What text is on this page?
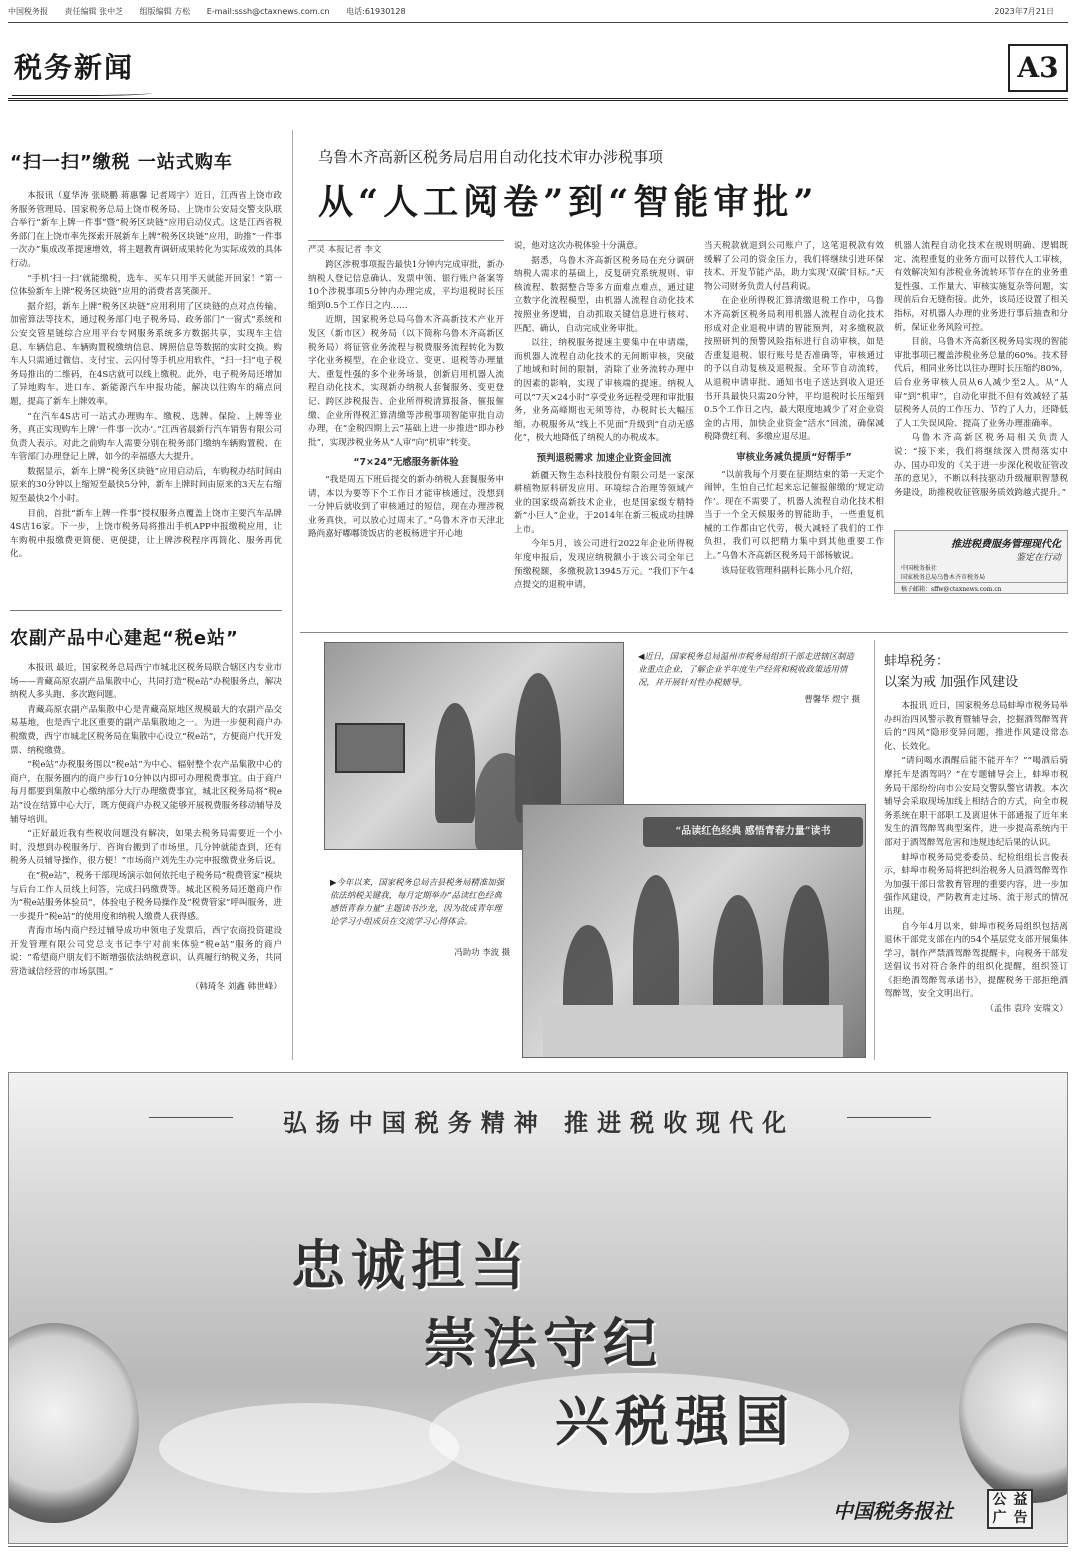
中国税务报 责任编辑 张中芝 组版编辑 方松 E-mail:sssh@ctaxnews.com.cn 电话:61930128	2023年7月21日
税务新闻	A3
“扫一扫”缴税 一站式购车

本报讯（夏华涛 张晓鹏 蒋惠馨 记者周宇）近日，江西省上饶市政务服务管理局、国家税务总局上饶市税务局、上饶市公安局交警支队联合举行“新车上牌一件事”暨“税务区块链”应用启动仪式。这是江西省税务部门在上饶市率先探索开展新车上牌“税务区块链”应用，助推“一件事一次办”集成改革提速增效，将主题教育调研成果转化为实际成效的具体行动。

“手机‘扫一扫’就能缴税，选车、买车只用半天就能开回家！”第一位体验新车上牌“税务区块链”应用的消费者喜笑颜开。

据介绍，新车上牌“税务区块链”应用利用了区块链的点对点传输、加密算法等技术，通过税务部门电子税务局、政务部门“一窗式”系统和公安交管星链综合应用平台专网服务系统多方数据共享，实现车主信息、车辆信息、车辆购置税缴纳信息、牌照信息等数据的实时交换。购车人只需通过微信、支付宝、云闪付等手机应用软件，“扫一扫”电子税务局推出的二维码，在4S店就可以线上缴税。此外，电子税务局还增加了异地购车、进口车、新能源汽车申报功能，解决以往购车的痛点问题，提高了新车上牌效率。

“在汽车4S店可一站式办理购车、缴税、选牌、保险、上牌等业务，真正实现购车上牌‘一件事一次办’。”江西省晨新行汽车销售有限公司负责人表示。对此之前购车人需要分别在税务部门缴纳车辆购置税、在车管部门办理登记上牌，如今的幸福感大大提升。

数据显示，新车上牌“税务区块链”应用启动后，车购税办结时间由原来的30分钟以上缩短至最快5分钟，新车上牌时间由原来的3天左右缩短至最快2个小时。

目前，首批“新车上牌一件事”授权服务点覆盖上饶市主要汽车品牌4S店16家。下一步，上饶市税务局将推出手机APP申报缴税应用，让车购税申报缴费更简便、更便捷，让上牌涉税程序再简化、服务再优化。

农副产品中心建起“税e站”

本报讯 最近，国家税务总局西宁市城北区税务局联合辖区内专业市场——青藏高原农副产品集散中心，共同打造“税e站”办税服务点，解决纳税人多头跑、多次跑问题。

青藏高原农副产品集散中心是青藏高原地区规模最大的农副产品交易基地，也是西宁北区重要的副产品集散地之一。为进一步便利商户办税缴费，西宁市城北区税务局在集散中心设立“税e站”，方便商户代开发票、纳税缴费。

“税e站”办税服务围以“税e站”为中心、辐射整个农产品集散中心的商户，在服务圈内的商户步行10分钟以内即可办理税费事宜。由于商户每月都要到集散中心缴纳部分大厅办理缴费事宜，城北区税务局将“税e站”设在结算中心大厅，既方便商户办税又能够开展税费服务移动辅导及辅导培训。

“正好最近我有些税收问题没有解决，如果去税务局需要近一个小时，没想到办税服务厅、咨询台搬到了市场里，几分钟就能查到，还有税务人员辅导操作，很方便！”市场商户刘先生办完申报缴费业务后说。

在“税e站”，税务干部现场演示如何依托电子税务局“税费管家”模块与后台工作人员线上问答，完成扫码缴费等。城北区税务局还邀商户作为“税e站服务体验员”，体验电子税务局操作及“税费管家”呼叫服务，进一步提升“税e站”的使用度和纳税人缴费人获得感。

青海市场内商户经过辅导成功申领电子发票后，西宁农商投资建设开发管理有限公司党总支书记李宁对前来体验“税e站”服务的商户说：“希望商户朋友们不断增强依法纳税意识，认真履行纳税义务，共同营造诚信经营的市场氛围。”

（韩琦冬 刘鑫 韩世峰）

乌鲁木齐高新区税务局启用自动化技术审办涉税事项
从“人工阅卷”到“智能审批”
严灵 本报记者 李文

跨区涉税事项报告最快1分钟内完成审批，新办纳税人登记信息确认、发票申领、银行账户备案等10个涉税事项5分钟内办理完成，平均退税时长压缩到0.5个工作日之内……

近期，国家税务总局乌鲁木齐高新技术产业开发区（新市区）税务局（以下简称乌鲁木齐高新区税务局）将征管业务流程与税费服务流程转化为数字化业务模型，在企业设立、变更、退税等办理量大、重复性强的多个业务场景，创新启用机器人流程自动化技术，实现新办纳税人套餐服务、变更登记、跨区涉税报告、企业所得税清算报备、催报催缴、企业所得税汇算清缴等涉税事项智能审批自动办理，在“金税四期上云”基础上进一步推进“即办秒批”，实现涉税业务从“人审”向“机审”转变。

“7×24”无感服务新体验

“我是周五下班后提交的新办纳税人套餐服务申请，本以为要等下个工作日才能审核通过，没想到一分钟后就收到了审核通过的短信，现在办理涉税业务真快，可以放心过周末了。”乌鲁木齐市天津北路尚嘉好嘟嘟烫饭店的老板杨进宇开心地

说，他对这次办税体验十分满意。

据悉，乌鲁木齐高新区税务局在充分调研纳税人需求的基础上，反复研究系统规则、审核流程、数据整合等多方面难点难点，通过建立数字化流程模型，由机器人流程自动化技术按照业务逻辑，自动抓取关键信息进行核对、匹配、确认，自动完成业务审批。

以往，纳税服务提速主要集中在申请端，而机器人流程自动化技术的无间断审核，突破了地域和时间的限制，消除了业务流转办理中的因素的影响，实现了审核端的提速。纳税人可以“7天×24小时”享受业务远程受理和审批服务，业务高峰期也无须等待，办税时长大幅压缩，办税服务从“线上不见面”升级到“自动无感化”，极大地降低了纳税人的办税成本。

预判退税需求 加速企业资金回流

新疆天物生态科技股份有限公司是一家深耕植物原料研发应用、环境综合治理等领域产业的国家级高新技术企业，也是国家级专精特新“小巨人”企业，于2014年在新三板成功挂牌上市。

今年5月，该公司进行2022年企业所得税年度申报后，发现应纳税额小于该公司全年已预缴税额，多缴税款13945万元。“我们下午4点提交的退税申请，

当天税款就退到公司账户了，这笔退税款有效缓解了公司的资金压力，我们将继续引进环保技术、开发节能产品，助力实现‘双碳’目标。”天物公司财务负责人付昌莉说。

在企业所得税汇算清缴退税工作中，乌鲁木齐高新区税务局利用机器人流程自动化技术形成对企业退税申请的智能预判，对多缴税款按照研判的预警风险指标进行自动审核，如是否重复退税、银行账号是否准确等，审核通过的予以自动复核及退税报。全环节自动流转，从退税申请审批、通知书电子送达到收入退还书开具最快只需20分钟，平均退税时长压缩到0.5个工作日之内，最大限度地减少了对企业资金的占用，加快企业资金“活水”回流，确保减税降费红利、多缴应退尽退。

审核业务减负提质“好帮手”

“以前我每个月要在征期结束的第一天定个闹钟，生怕自己忙起来忘记催报催缴的‘规定动作’。现在不需要了，机器人流程自动化技术相当于一个全天候服务的智能助手，一些重复机械的工作都由它代劳，极大减轻了我们的工作负担，我们可以把精力集中到其他重要工作上。”乌鲁木齐高新区税务局干部杨敏说。

该局征收管理科副科长陈小凡介绍，

机器人流程自动化技术在规则明确、逻辑既定、流程重复的业务方面可以替代人工审核，有效解决知有涉税业务流转环节存在的业务重复性强、工作量大、审核实施复杂等问题，实现前后台无缝衔接。此外，该局还设置了相关指标，对机器人办理的业务进行事后抽查和分析，保证业务风险可控。

目前，乌鲁木齐高新区税务局实现的智能审批事项已覆盖涉税业务总量的60%。技术替代后，相同业务比以往办理时长压缩约80%，后台业务审核人员从6人减少至2人。从“人审”到“机审”，自动化审批不但有效减轻了基层税务人员的工作压力、节约了人力，还降低了人工失误风险、提高了业务办理准确率。

乌鲁木齐高新区税务局相关负责人说：“接下来，我们将继续深入贯彻落实中办、国办印发的《关于进一步深化税收征管改革的意见》，不断以科技驱动升级履职智慧税务建设，助推税收征管服务质效跨越式提升。”

推进税费服务管理现代化
鉴定在行动
中国税务报社
国家税务总局乌鲁木齐市税务局
稿子邮箱：sffw@ctaxnews.com.cn
◀近日，国家税务总局温州市税务局组织干部走进辖区制造业重点企业，了解企业半年度生产经营和税收政策适用情况，并开展针对性办税辅导。
曹馨华 煜宁 摄
▶今年以来，国家税务总局吉县税务局精准加强依法纳税关键我，每月定期举办“品读红色经典 感悟青春力量”主题读书沙龙，因为故成青年理论学习小组成员在交流学习心得体会。
冯助功 李波 摄
“品读红色经典 感悟青春力量”读书
蚌埠税务：
以案为戒 加强作风建设

本报讯 近日，国家税务总局蚌埠市税务局举办纠治四风警示教育暨辅导会，挖掘酒驾醉驾背后的“四风”隐形变异问题，推进作风建设常态化、长效化。

“请问喝水酒醒后能不能开车？”“喝酒后骑摩托车是酒驾吗？”在专题辅导会上，蚌埠市税务局干部纷纷向市公安局交警队警官请教。本次辅导会采取现场加线上相结合的方式，向全市税务系统在职干部职工及离退休干部通报了近年来发生的酒驾醉驾典型案件，进一步提高系统内干部对于酒驾醉驾危害和违规违纪后果的认识。

蚌埠市税务局党委委员、纪检组组长言俊表示，蚌埠市税务局将把纠治税务人员酒驾醉驾作为加强干部日常教育管理的重要内容，进一步加强作风建设，严防教育走过场、流于形式的情况出现。

自今年4月以来，蚌埠市税务局组织包括离退休干部党支部在内的54个基层党支部开展集体学习，制作严禁酒驾醉驾提醒卡，向税务干部发送倡议书对符合条件的组织化提醒，组织签订《拒绝酒驾醉驾承诺书》，提醒税务干部拒绝酒驾醉驾，安全文明出行。

（孟伟 袁玲 安瑞文）

弘扬中国税务精神 推进税收现代化
忠诚担当
崇法守纪
兴税强国
中国税务报社	公 益
广 告
